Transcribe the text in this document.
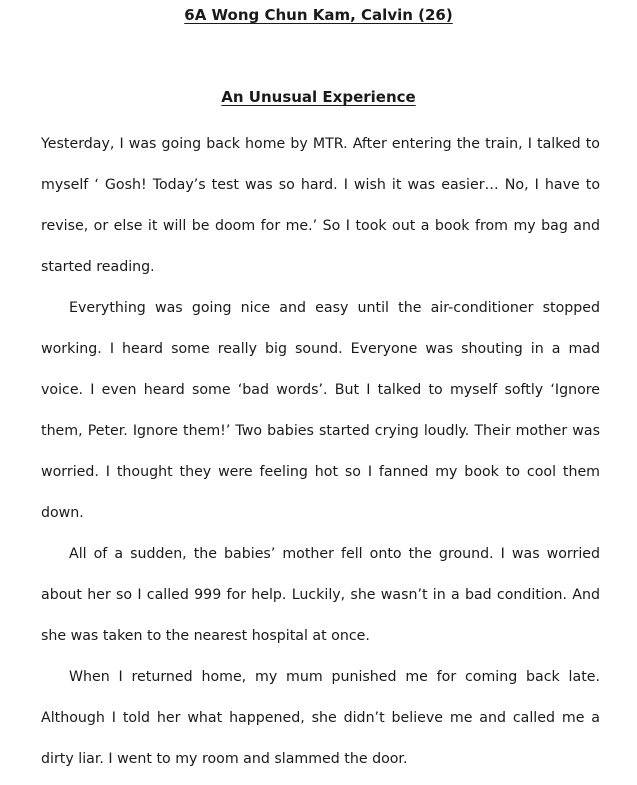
6A Wong Chun Kam, Calvin (26)
An Unusual Experience

Yesterday, I was going back home by MTR. After entering the train, I talked to myself ‘ Gosh! Today’s test was so hard. I wish it was easier… No, I have to revise, or else it will be doom for me.’ So I took out a book from my bag and started reading.

Everything was going nice and easy until the air-conditioner stopped working. I heard some really big sound. Everyone was shouting in a mad voice. I even heard some ‘bad words’. But I talked to myself softly ‘Ignore them, Peter. Ignore them!’ Two babies started crying loudly. Their mother was worried. I thought they were feeling hot so I fanned my book to cool them down.

All of a sudden, the babies’ mother fell onto the ground. I was worried about her so I called 999 for help. Luckily, she wasn’t in a bad condition. And she was taken to the nearest hospital at once.

When I returned home, my mum punished me for coming back late. Although I told her what happened, she didn’t believe me and called me a dirty liar. I went to my room and slammed the door.
